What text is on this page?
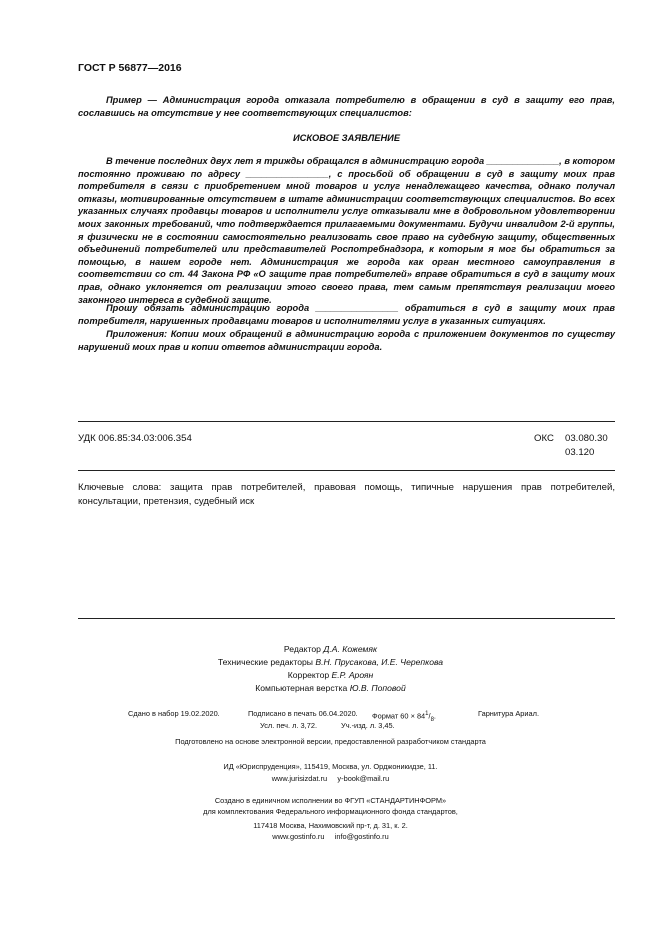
ГОСТ Р 56877—2016

Пример — Администрация города отказала потребителю в обращении в суд в защиту его прав, сославшись на отсутствие у нее соответствующих специалистов:

ИСКОВОЕ ЗАЯВЛЕНИЕ

В течение последних двух лет я трижды обращался в администрацию города ______________, в котором постоянно проживаю по адресу ________________, с просьбой об обращении в суд в защиту моих прав потребителя в связи с приобретением мной товаров и услуг ненадлежащего качества, однако получал отказы, мотивированные отсутствием в штате администрации соответствующих специалистов. Во всех указанных случаях продавцы товаров и исполнители услуг отказывали мне в добровольном удовлетворении моих законных требований, что подтверждается прилагаемыми документами. Будучи инвалидом 2-й группы, я физически не в состоянии самостоятельно реализовать свое право на судебную защиту, общественных объединений потребителей или представителей Роспотребнадзора, к которым я мог бы обратиться за помощью, в нашем городе нет. Администрация же города как орган местного самоуправления в соответствии со ст. 44 Закона РФ «О защите прав потребителей» вправе обратиться в суд в защиту моих прав, однако уклоняется от реализации этого своего права, тем самым препятствуя реализации моего законного интереса в судебной защите.

Прошу обязать администрацию города ________________ обратиться в суд в защиту моих прав потребителя, нарушенных продавцами товаров и исполнителями услуг в указанных ситуациях.

Приложения: Копии моих обращений в администрацию города с приложением документов по существу нарушений моих прав и копии ответов администрации города.

УДК 006.85:34.03:006.354	ОКС 03.080.30
03.120

Ключевые слова: защита прав потребителей, правовая помощь, типичные нарушения прав потребителей, консультации, претензия, судебный иск

Редактор Д.А. Кожемяк
Технические редакторы В.Н. Прусакова, И.Е. Черепкова
Корректор Е.Р. Ароян
Компьютерная верстка Ю.В. Поповой
Сдано в набор 19.02.2020.	Подписано в печать 06.04.2020. Формат $60 \times 84^1/_8$.	Гарнитура Ариал.
Усл. печ. л. 3,72.	Уч.-изд. л. 3,45.
Подготовлено на основе электронной версии, предоставленной разработчиком стандарта
ИД «Юриспруденция», 115419, Москва, ул. Орджоникидзе, 11.
www.jurisizdat.ru y-book@mail.ru
Создано в единичном исполнении во ФГУП «СТАНДАРТИНФОРМ»
для комплектования Федерального информационного фонда стандартов,
117418 Москва, Нахимовский пр-т, д. 31, к. 2.
www.gostinfo.ru info@gostinfo.ru
